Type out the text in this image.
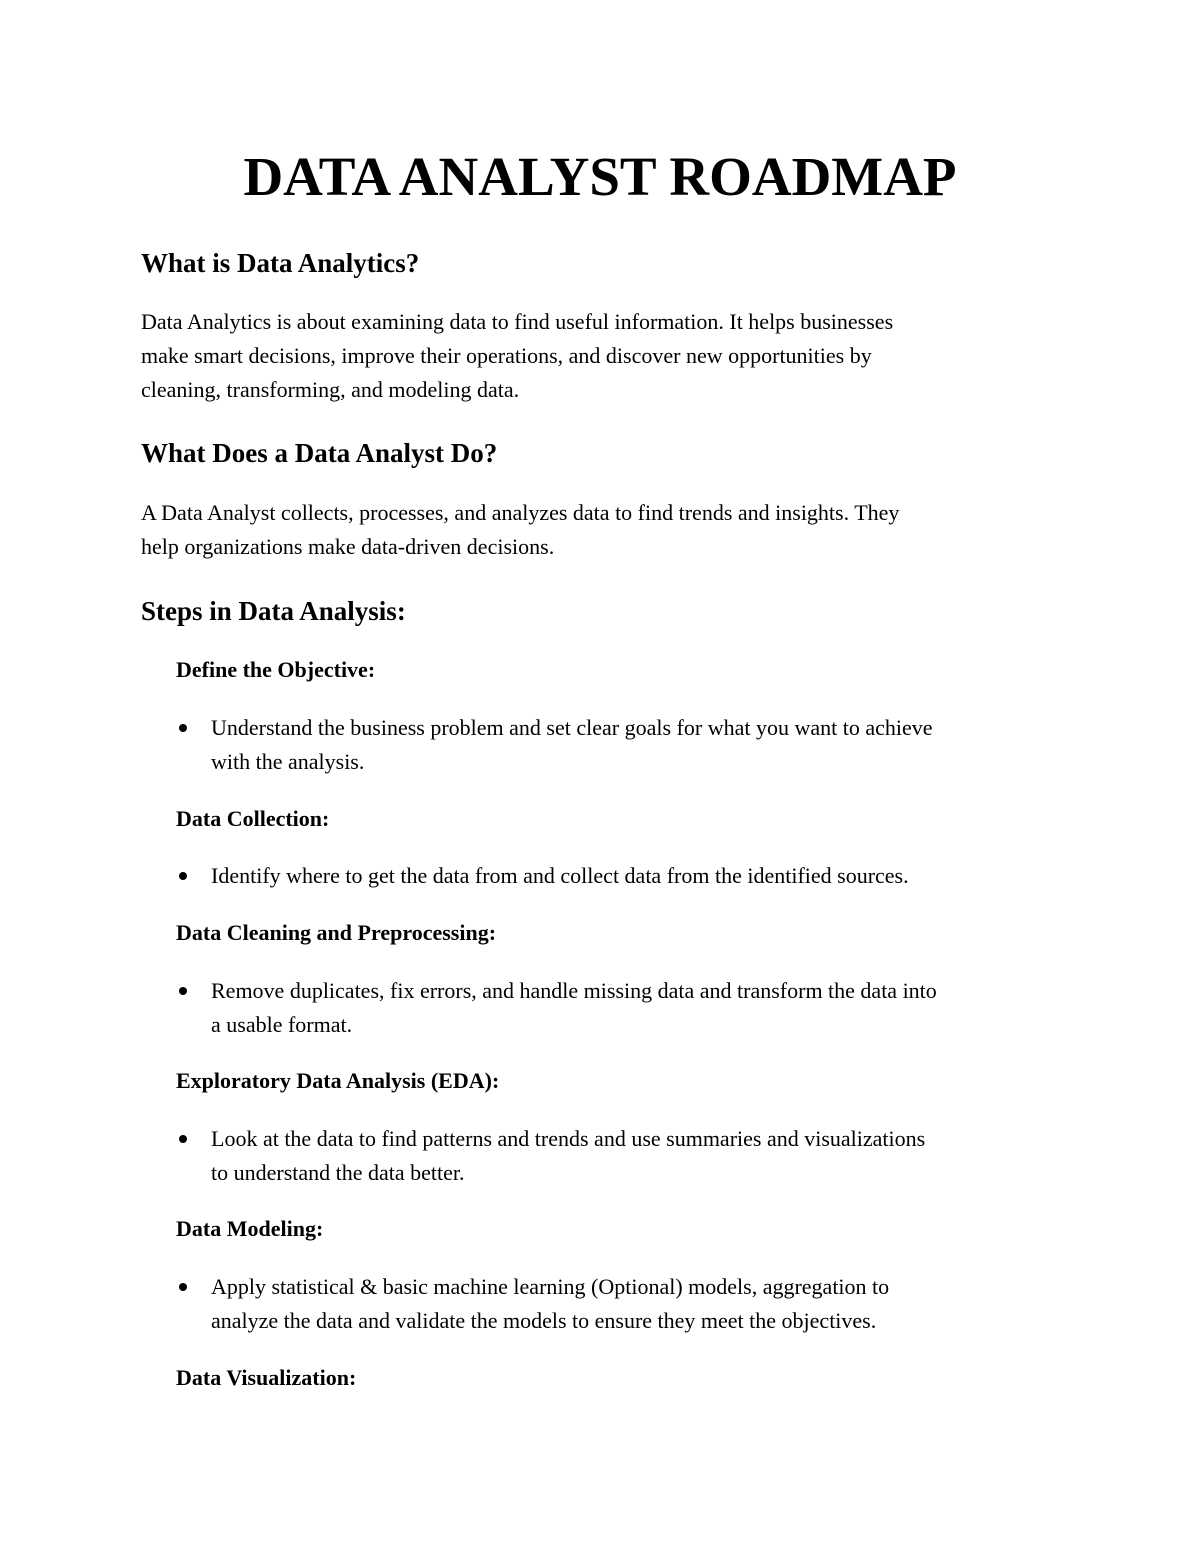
DATA ANALYST ROADMAP
What is Data Analytics?
Data Analytics is about examining data to find useful information. It helps businesses
make smart decisions, improve their operations, and discover new opportunities by
cleaning, transforming, and modeling data.
What Does a Data Analyst Do?
A Data Analyst collects, processes, and analyzes data to find trends and insights. They
help organizations make data-driven decisions.
Steps in Data Analysis:
Define the Objective:
Understand the business problem and set clear goals for what you want to achieve
with the analysis.
Data Collection:
Identify where to get the data from and collect data from the identified sources.
Data Cleaning and Preprocessing:
Remove duplicates, fix errors, and handle missing data and transform the data into
a usable format.
Exploratory Data Analysis (EDA):
Look at the data to find patterns and trends and use summaries and visualizations
to understand the data better.
Data Modeling:
Apply statistical & basic machine learning (Optional) models, aggregation to
analyze the data and validate the models to ensure they meet the objectives.
Data Visualization:
